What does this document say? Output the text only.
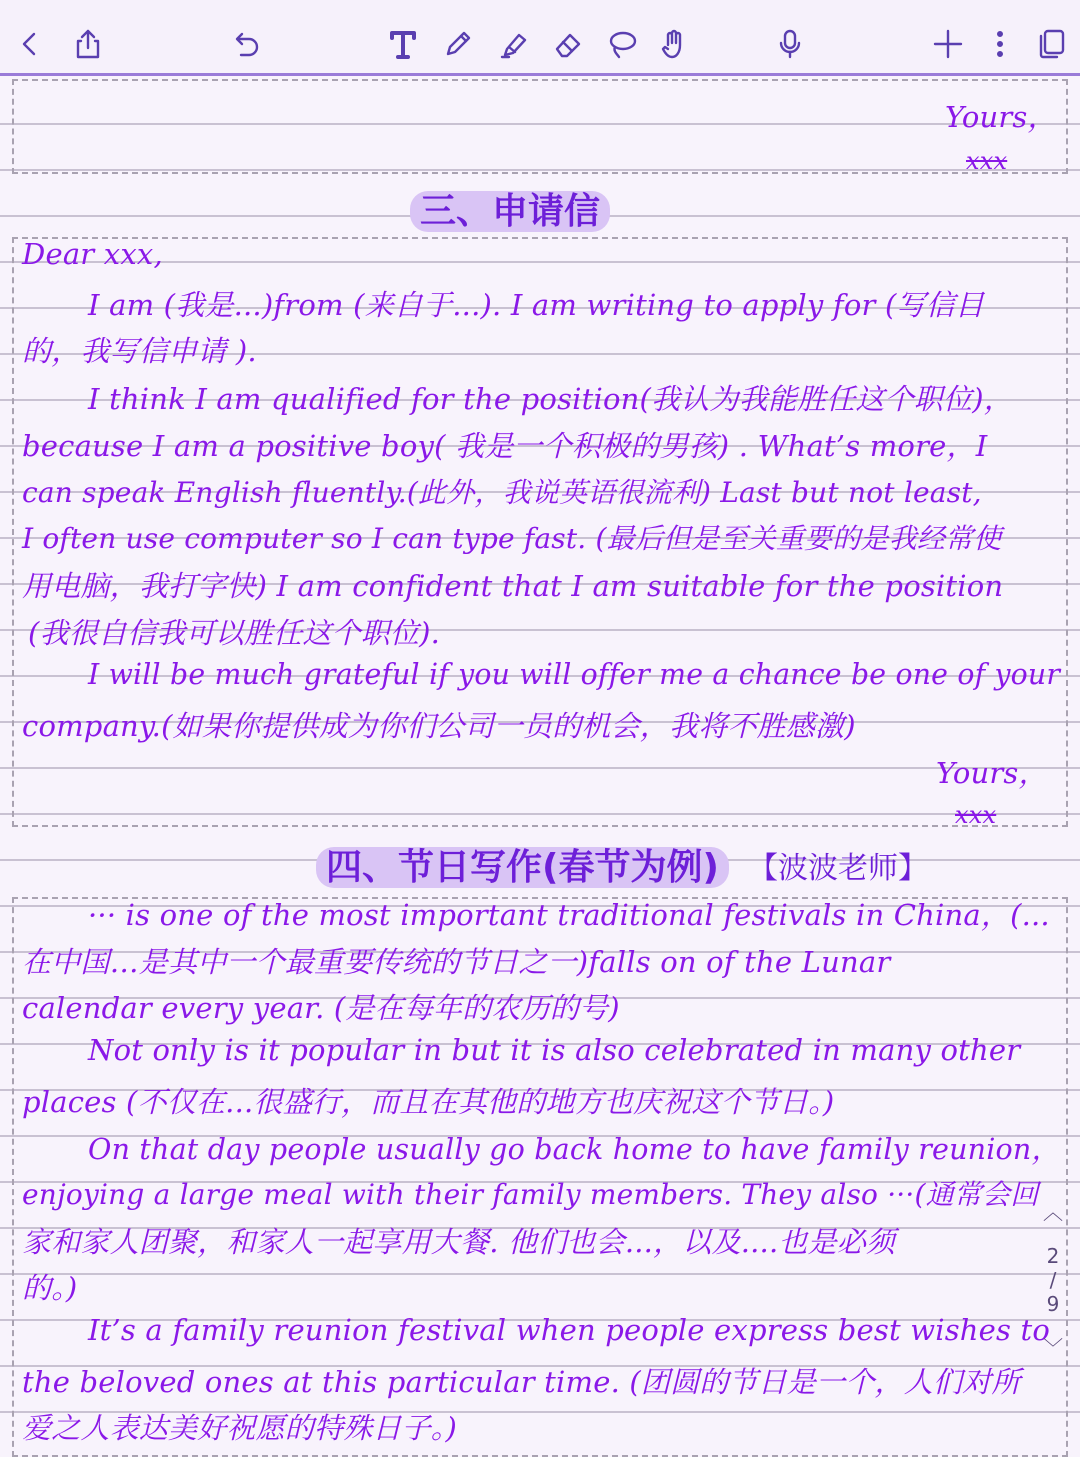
Yours，
xxx
三、申请信
Dear xxx,
I am (我是...)from (来自于...). I am writing to apply for (写信目
的，我写信申请 ).
I think I am qualified for the position(我认为我能胜任这个职位)，
because I am a positive boy( 我是一个积极的男孩) . What’s more，I
can speak English fluently.(此外，我说英语很流利) Last but not least,
I often use computer so I can type fast. (最后但是至关重要的是我经常使
用电脑，我打字快) I am confident that I am suitable for the position
(我很自信我可以胜任这个职位).
I will be much grateful if you will offer me a chance be one of your
company.(如果你提供成为你们公司一员的机会，我将不胜感激)
Yours，
xxx
四、节日写作(春节为例) 【波波老师】
··· is one of the most important traditional festivals in China，(...
在中国…是其中一个最重要传统的节日之一)falls on of the Lunar
calendar every year. (是在每年的农历的号)
Not only is it popular in but it is also celebrated in many other
places (不仅在...很盛行，而且在其他的地方也庆祝这个节日。)
On that day people usually go back home to have family reunion，
enjoying a large meal with their family members. They also ···(通常会回
家和家人团聚，和家人一起享用大餐. 他们也会...，以及....也是必须
的。)
It’s a family reunion festival when people express best wishes to
the beloved ones at this particular time. (团圆的节日是一个，人们对所
爱之人表达美好祝愿的特殊日子。)
︿
2
/
9
﹀
